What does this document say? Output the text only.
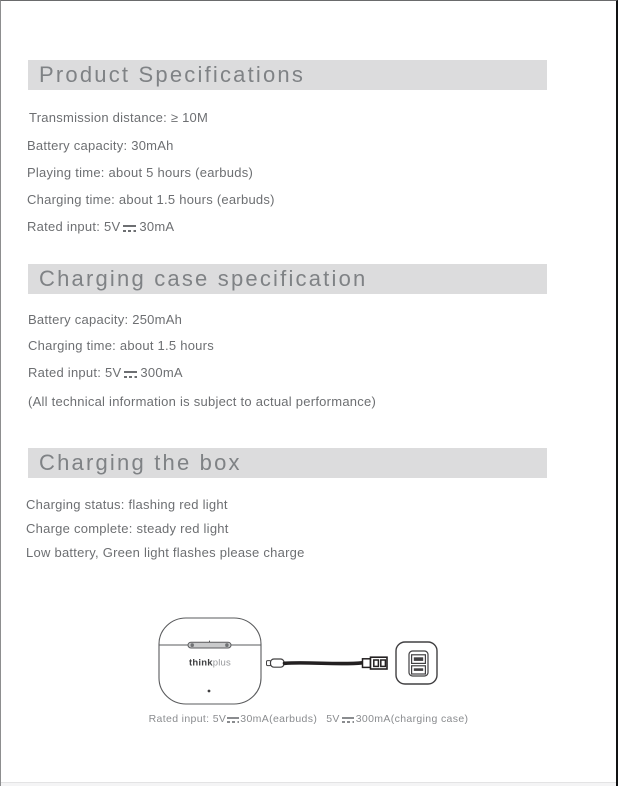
Product Specifications
Transmission distance: ≥ 10M
Battery capacity: 30mAh
Playing time: about 5 hours (earbuds)
Charging time: about 1.5 hours (earbuds)
Rated input: 5V 30mA
Charging case specification
Battery capacity: 250mAh
Charging time: about 1.5 hours
Rated input: 5V 300mA
(All technical information is subject to actual performance)
Charging the box
Charging status: flashing red light
Charge complete: steady red light
Low battery, Green light flashes please charge
thinkplus
Rated input: 5V 30mA(earbuds) 5V 300mA(charging case)
